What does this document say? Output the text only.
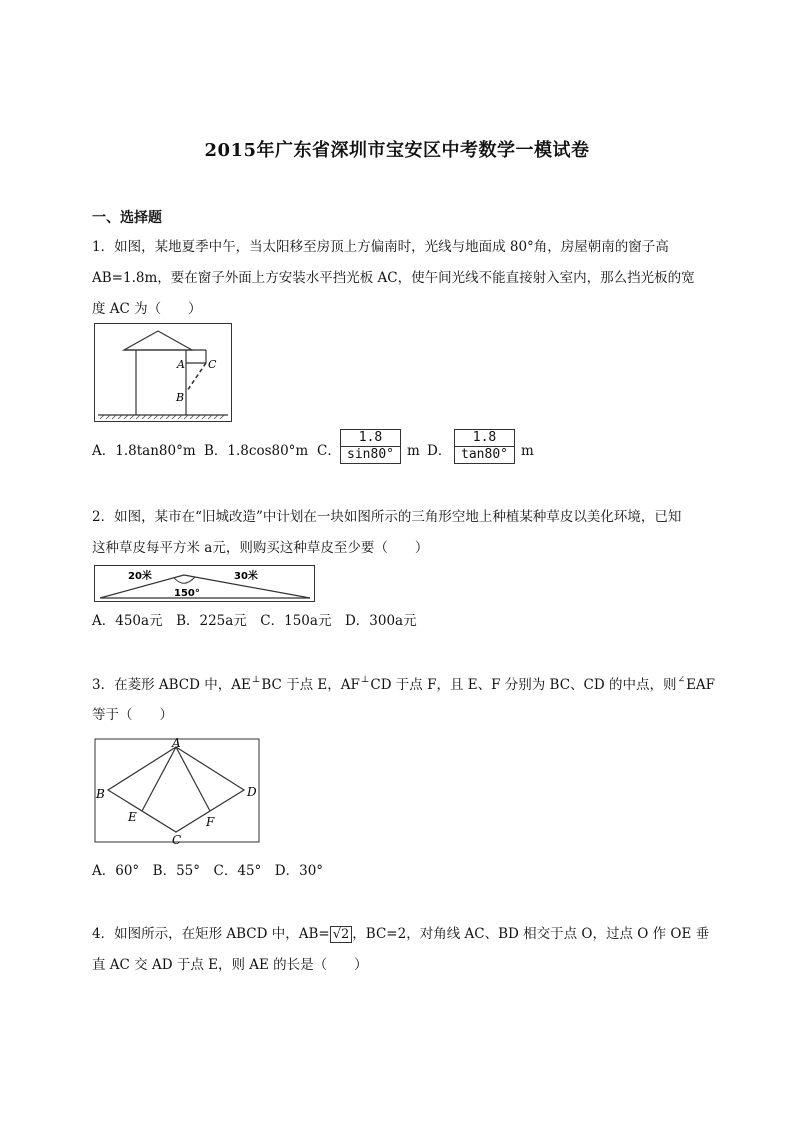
2015年广东省深圳市宝安区中考数学一模试卷
一、选择题
1．如图，某地夏季中午，当太阳移至房顶上方偏南时，光线与地面成 80°角，房屋朝南的窗子高
AB=1.8m，要在窗子外面上方安装水平挡光板 AC，使午间光线不能直接射入室内，那么挡光板的宽
度 AC 为（　　）
A C
B
A．1.8tan80°m B．1.8cos80°m C． $\frac{1.8}{\sin 80^\circ}$ m D． $\frac{1.8}{\tan 80^\circ}$ m
2．如图，某市在“旧城改造”中计划在一块如图所示的三角形空地上种植某种草皮以美化环境，已知
这种草皮每平方米 a元，则购买这种草皮至少要（　　）
20米	30米
150°
A．450a元　B．225a元　C．150a元　D．300a元
3．在菱形 ABCD 中，AE⊥BC 于点 E，AF⊥CD 于点 F，且 E、F 分别为 BC、CD 的中点，则∠EAF
等于（　　）
A
B
C
D
E	F
A．60°　B．55°　C．45°　D．30°
4．如图所示，在矩形 ABCD 中，AB= √2 ，BC=2，对角线 AC、BD 相交于点 O，过点 O 作 OE 垂
直 AC 交 AD 于点 E，则 AE 的长是（　　）
